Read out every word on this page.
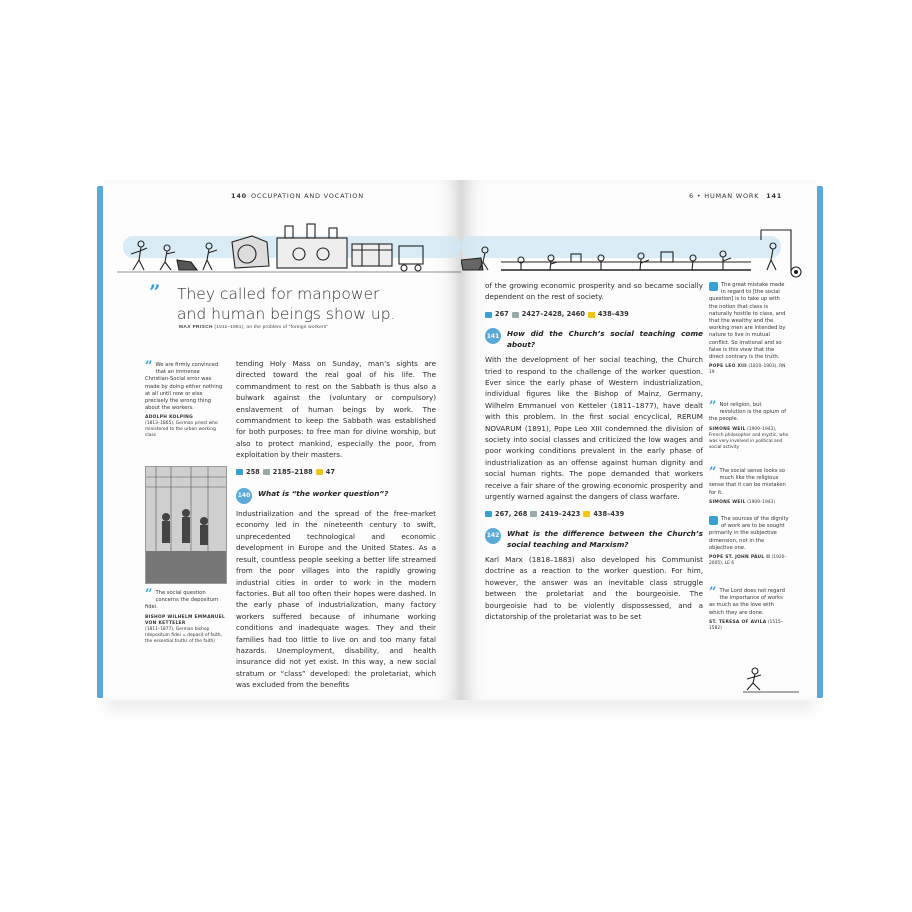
140 OCCUPATION AND VOCATION
” They called for manpower and human beings show up.
MAX FRISCH (1911–1991), on the problem of “foreign workers”
” We are firmly convinced that an immense Christian-Social error was made by doing either nothing at all until now or else precisely the wrong thing about the workers.
ADOLPH KOLPING
(1813–1865), German priest who ministered to the urban working class
” The social question concerns the depositum fidei.
BISHOP WILHELM EMMANUEL VON KETTELER
(1811–1877), German bishop (depositum fidei = deposit of faith, the essential truths of the faith)

tending Holy Mass on Sunday, man’s sights are directed toward the real goal of his life. The commandment to rest on the Sabbath is thus also a bulwark against the (voluntary or compulsory) enslavement of human beings by work. The commandment to keep the Sabbath was established for both purposes: to free man for divine worship, but also to protect mankind, especially the poor, from exploitation by their masters.

258 2185–2188 47
140 What is “the worker question”?

Industrialization and the spread of the free-market economy led in the nineteenth century to swift, unprecedented technological and economic development in Europe and the United States. As a result, countless people seeking a better life streamed from the poor villages into the rapidly growing industrial cities in order to work in the modern factories. But all too often their hopes were dashed. In the early phase of industrialization, many factory workers suffered because of inhumane working conditions and inadequate wages. They and their families had too little to live on and too many fatal hazards. Unemployment, disability, and health insurance did not yet exist. In this way, a new social stratum or “class” developed: the proletariat, which was excluded from the benefits

6 • HUMAN WORK 141

of the growing economic prosperity and so became socially dependent on the rest of society.

267 2427–2428, 2460 438–439
141 How did the Church’s social teaching come about?

With the development of her social teaching, the Church tried to respond to the challenge of the worker question. Ever since the early phase of Western industrialization, individual figures like the Bishop of Mainz, Germany, Wilhelm Emmanuel von Ketteler (1811–1877), have dealt with this problem. In the first social encyclical, RERUM NOVARUM (1891), Pope Leo XIII condemned the division of society into social classes and criticized the low wages and poor working conditions prevalent in the early phase of industrialization as an offense against human dignity and social human rights. The pope demanded that workers receive a fair share of the growing economic prosperity and urgently warned against the dangers of class warfare.

267, 268 2419–2423 438–439
142 What is the difference between the Church’s social teaching and Marxism?

Karl Marx (1818–1883) also developed his Communist doctrine as a reaction to the worker question. For him, however, the answer was an inevitable class struggle between the proletariat and the bourgeoisie. The bourgeoisie had to be violently dispossessed, and a dictatorship of the proletariat was to be set

The great mistake made in regard to [the social question] is to take up with the notion that class is naturally hostile to class, and that the wealthy and the working men are intended by nature to live in mutual conflict. So irrational and so false is this view that the direct contrary is the truth.
POPE LEO XIII (1810–1903), RN 19
” Not religion, but revolution is the opium of the people.
SIMONE WEIL (1909–1943), French philosopher and mystic, who was very involved in political and social activity
” The social sense looks so much like the religious sense that it can be mistaken for it.
SIMONE WEIL (1909–1943)
The sources of the dignity of work are to be sought primarily in the subjective dimension, not in the objective one.
POPE ST. JOHN PAUL II (1920–2005), LE 6
” The Lord does not regard the importance of works as much as the love with which they are done.
ST. TERESA OF AVILA (1515–1582)
